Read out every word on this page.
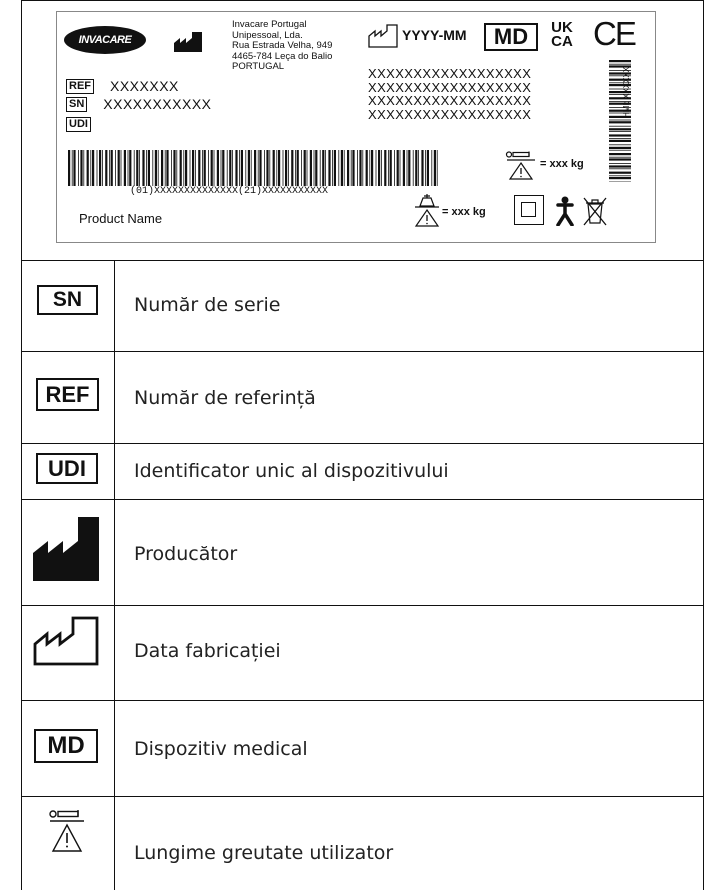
INVACARE
Invacare Portugal
Unipessoal, Lda.
Rua Estrada Velha, 949
4465-784 Leça do Balio
PORTUGAL
YYYY-MM	MD	UK
CA CE
REF XXXXXXX
SN XXXXXXXXXXX
UDI
XXXXXXXXXXXXXXXXXX
XXXXXXXXXXXXXXXXXX
XXXXXXXXXXXXXXXXXX
XXXXXXXXXXXXXXXXXX
(01)XXXXXXXXXXXXXX(21)XXXXXXXXXXX
Product Name
HMI: XXXXXX
= xxx kg
= xxx kg
SN	Număr de serie
REF	Număr de referință
UDI	Identificator unic al dispozitivului
Producător
Data fabricației
MD	Dispozitiv medical
Lungime greutate utilizator
